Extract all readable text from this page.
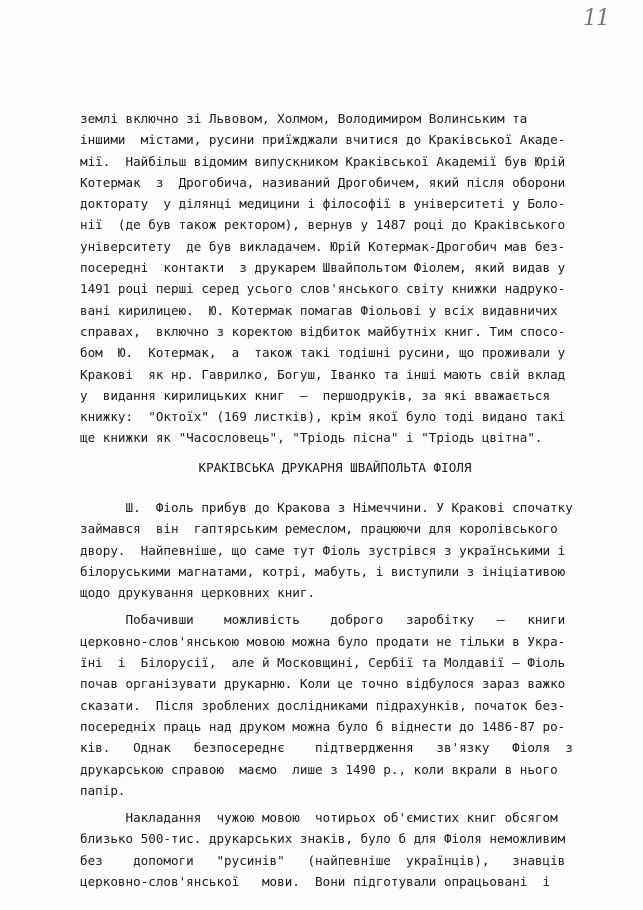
11
землі включно зі Львовом, Холмом, Володимиром Волинським та
іншими  містами, русини приїжджали вчитися до Краківської Акаде-
мії.  Найбільш відомим випускником Краківської Академії був Юрій
Котермак  з  Дрогобича, називаний Дрогобичем, який після оборони
докторату  у ділянці медицини і філософії в університеті у Боло-
нії  (де був також ректором), вернув у 1487 році до Краківського
університету  де був викладачем. Юрій Котермак-Дрогобич мав без-
посередні  контакти  з друкарем Швайпольтом Фіолем, який видав у
1491 році перші серед усього слов'янського світу книжки надруко-
вані кирилицею.  Ю. Котермак помагав Фіольові у всіх видавничих
справах,  включно з коректою відбиток майбутніх книг. Тим спосо-
бом  Ю.  Котермак,  а  також такі тодішні русини, що проживали у
Кракові  як нр. Гаврилко, Богуш, Іванко та інші мають свій вклад
у  видання кирилицьких книг  –  першодруків, за які вважається
книжку:  "Октоїх" (169 листків), крім якої було тоді видано такі
ще книжки як "Часословець", "Тріодь пісна" і "Тріодь цвітна".
КРАКІВСЬКА ДРУКАРНЯ ШВАЙПОЛЬТА ФІОЛЯ
Ш.  Фіоль прибув до Кракова з Німеччини. У Кракові спочатку
займався  він  гаптярським ремеслом, працюючи для королівського
двору.  Найпевніше, що саме тут Фіоль зустрівся з українськими і
білоруськими магнатами, котрі, мабуть, і виступили з ініціативою
щодо друкування церковних книг.
Побачивши    можливість    доброго   заробітку   –   книги
церковно-слов'янською мовою можна було продати не тільки в Укра-
їні  і  Білорусії,  але й Московщині, Сербії та Молдавії – Фіоль
почав організувати друкарню. Коли це точно відбулося зараз важко
сказати.  Після зроблених дослідниками підрахунків, початок без-
посередніх праць над друком можна було б віднести до 1486-87 ро-
ків.   Однак   безпосереднє    підтвердження   зв'язку   Фіоля  з
друкарською справою  маємо  лише з 1490 р., коли вкрали в нього
папір.
Накладання  чужою мовою  чотирьох об'ємистих книг обсягом
близько 500-тис. друкарських знаків, було б для Фіоля неможливим
без    допомоги   "русинів"   (найпевніше  українців),   знавців
церковно-слов'янської   мови.  Вони підготували опрацьовані  і
